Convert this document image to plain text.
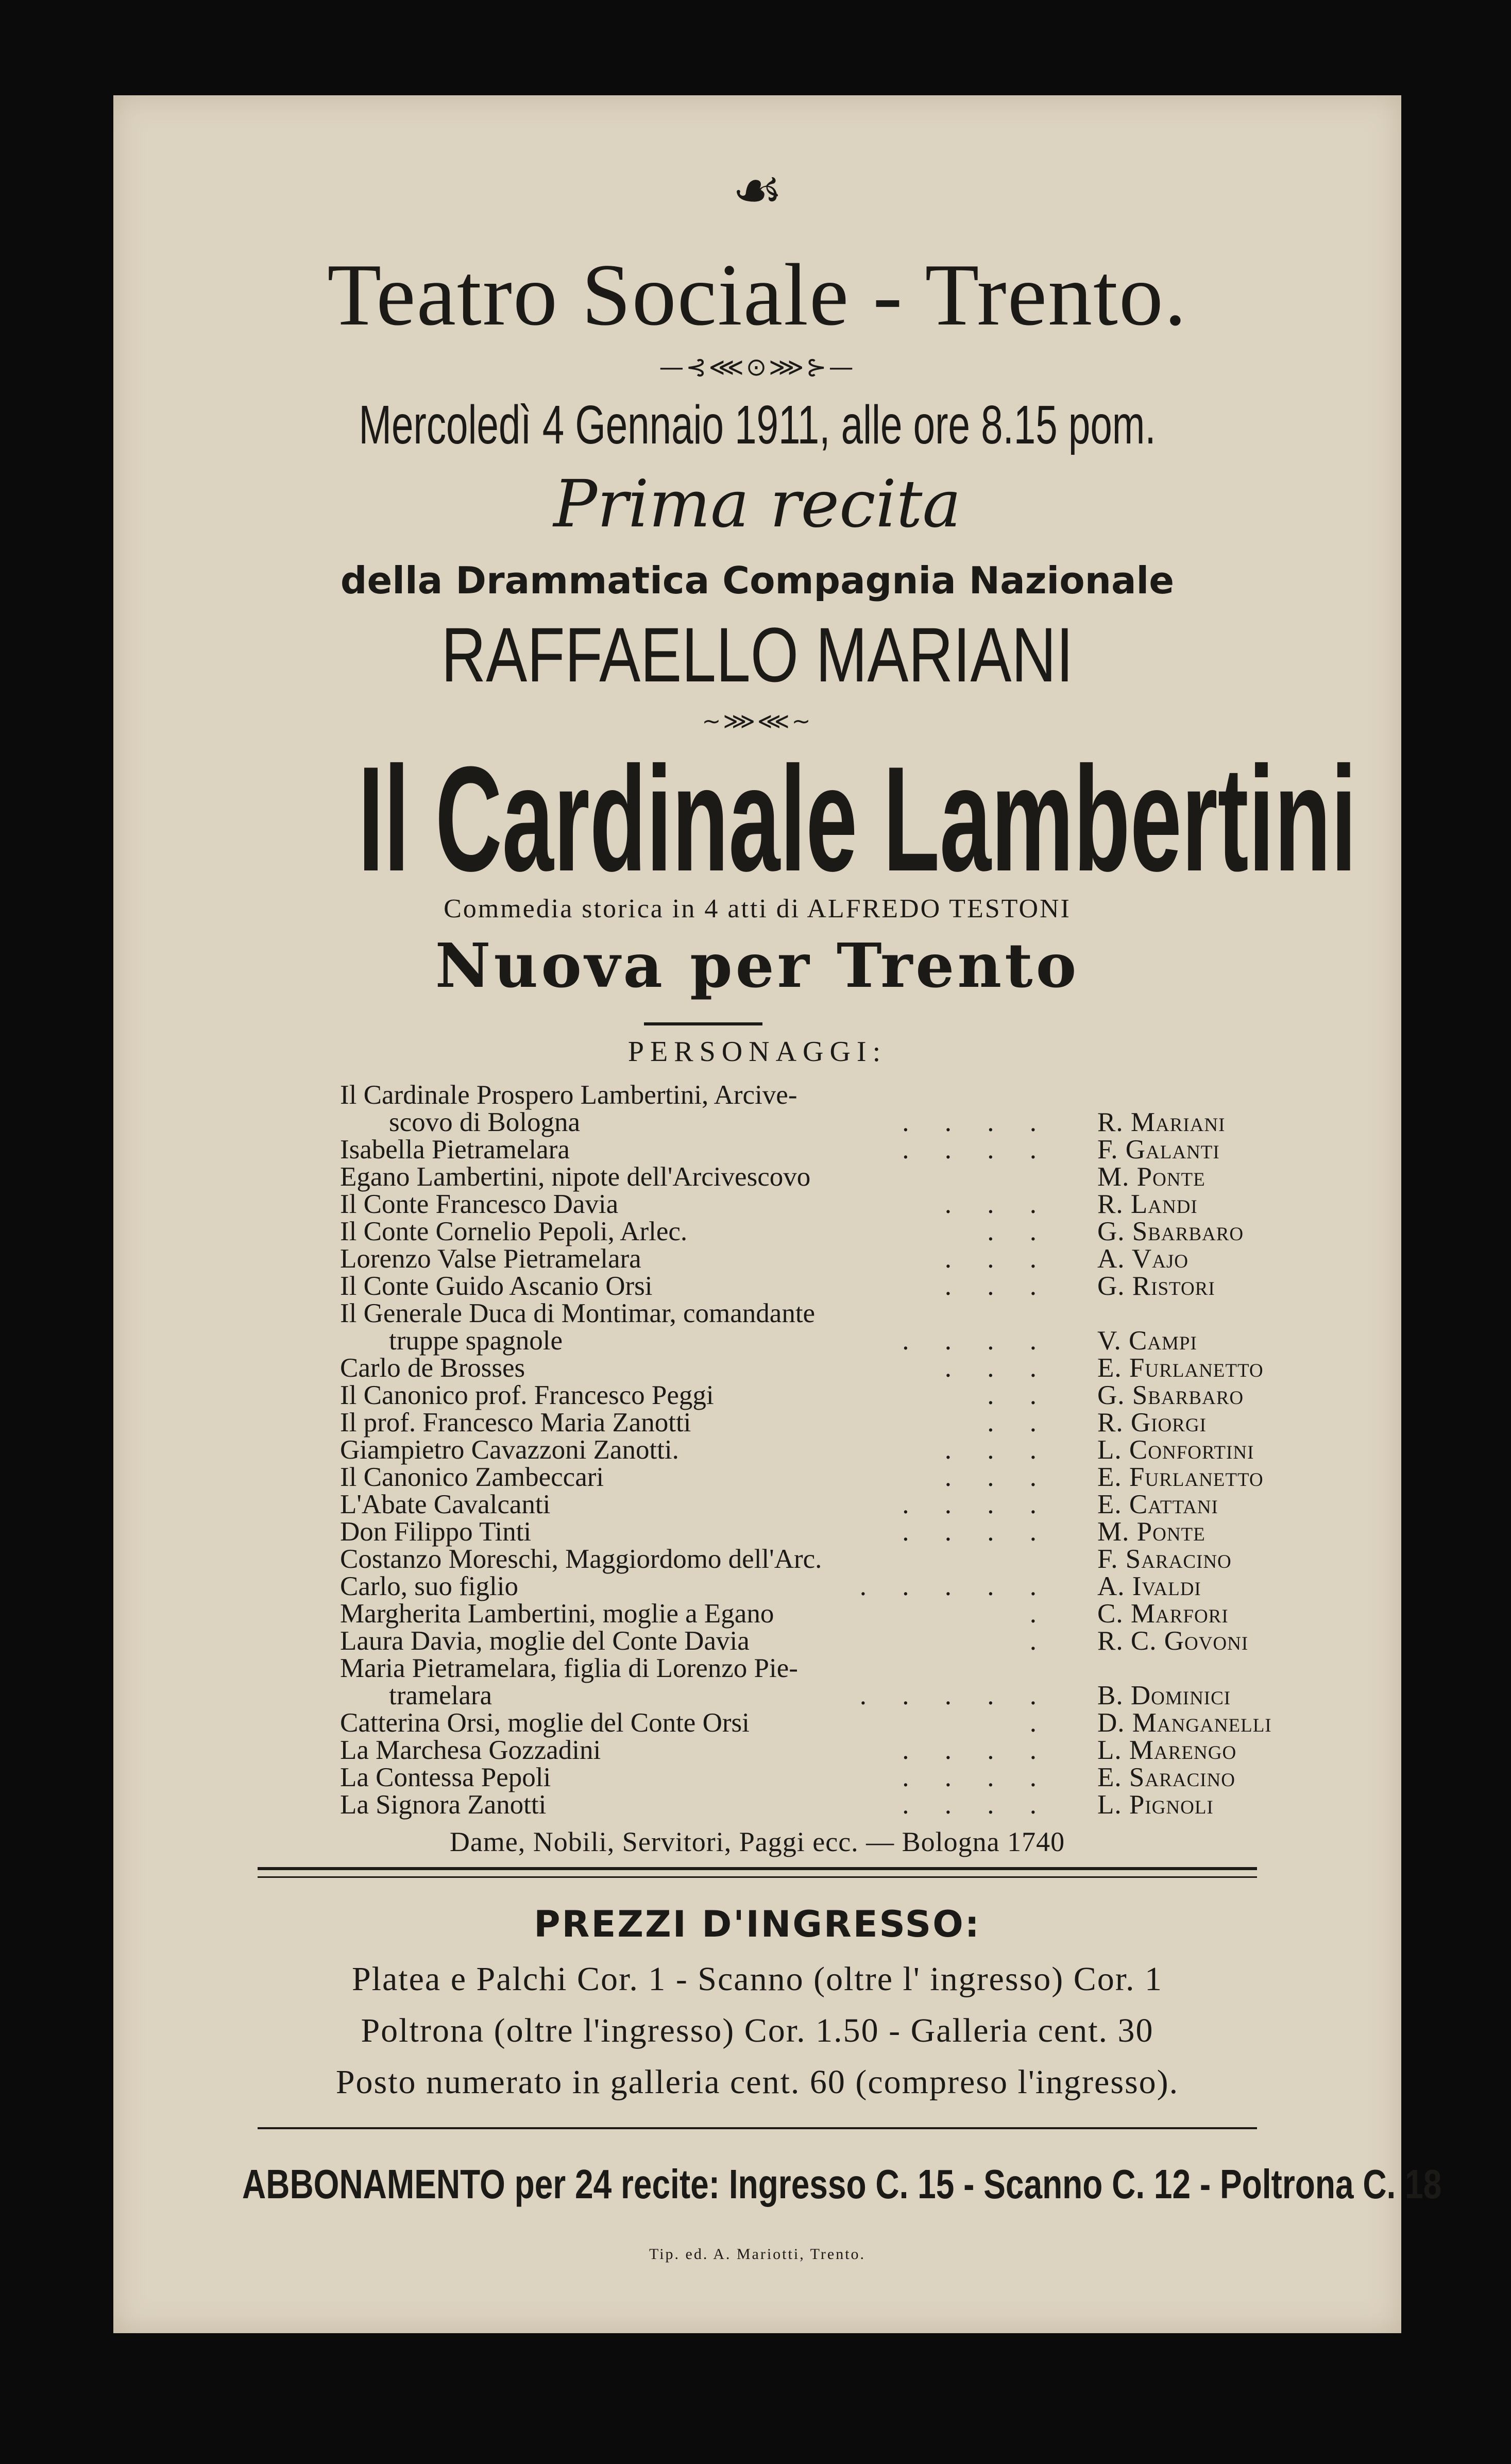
☙
Teatro Sociale - Trento.
—⊰⋘⊙⋙⊱—
Mercoledì 4 Gennaio 1911, alle ore 8.15 pom.
Prima recita
della Drammatica Compagnia Nazionale
RAFFAELLO MARIANI
~⋙⋘~
Il Cardinale Lambertini
Commedia storica in 4 atti di ALFREDO TESTONI
Nuova per Trento
PERSONAGGI:
Il Cardinale Prospero Lambertini, Arcive-
scovo di Bologna	. . . . R. Mariani
Isabella Pietramelara	. . . . F. Galanti
Egano Lambertini, nipote dell'Arcivescovo	M. Ponte
Il Conte Francesco Davia	. . . R. Landi
Il Conte Cornelio Pepoli, Arlec.	. . G. Sbarbaro
Lorenzo Valse Pietramelara	. . . A. Vajo
Il Conte Guido Ascanio Orsi	. . . G. Ristori
Il Generale Duca di Montimar, comandante
truppe spagnole	. . . . V. Campi
Carlo de Brosses	. . . E. Furlanetto
Il Canonico prof. Francesco Peggi	. . G. Sbarbaro
Il prof. Francesco Maria Zanotti	. . R. Giorgi
Giampietro Cavazzoni Zanotti.	. . . L. Confortini
Il Canonico Zambeccari	. . . E. Furlanetto
L'Abate Cavalcanti	. . . . E. Cattani
Don Filippo Tinti	. . . . M. Ponte
Costanzo Moreschi, Maggiordomo dell'Arc.	F. Saracino
Carlo, suo figlio	. . . . . A. Ivaldi
Margherita Lambertini, moglie a Egano	. C. Marfori
Laura Davia, moglie del Conte Davia	. R. C. Govoni
Maria Pietramelara, figlia di Lorenzo Pie-
tramelara	. . . . . B. Dominici
Catterina Orsi, moglie del Conte Orsi	. D. Manganelli
La Marchesa Gozzadini	. . . . L. Marengo
La Contessa Pepoli	. . . . E. Saracino
La Signora Zanotti	. . . . L. Pignoli
Dame, Nobili, Servitori, Paggi ecc. — Bologna 1740
PREZZI D'INGRESSO:
Platea e Palchi Cor. 1 - Scanno (oltre l' ingresso) Cor. 1
Poltrona (oltre l'ingresso) Cor. 1.50 - Galleria cent. 30
Posto numerato in galleria cent. 60 (compreso l'ingresso).
ABBONAMENTO per 24 recite: Ingresso C. 15 - Scanno C. 12 - Poltrona C. 18
Tip. ed. A. Mariotti, Trento.
